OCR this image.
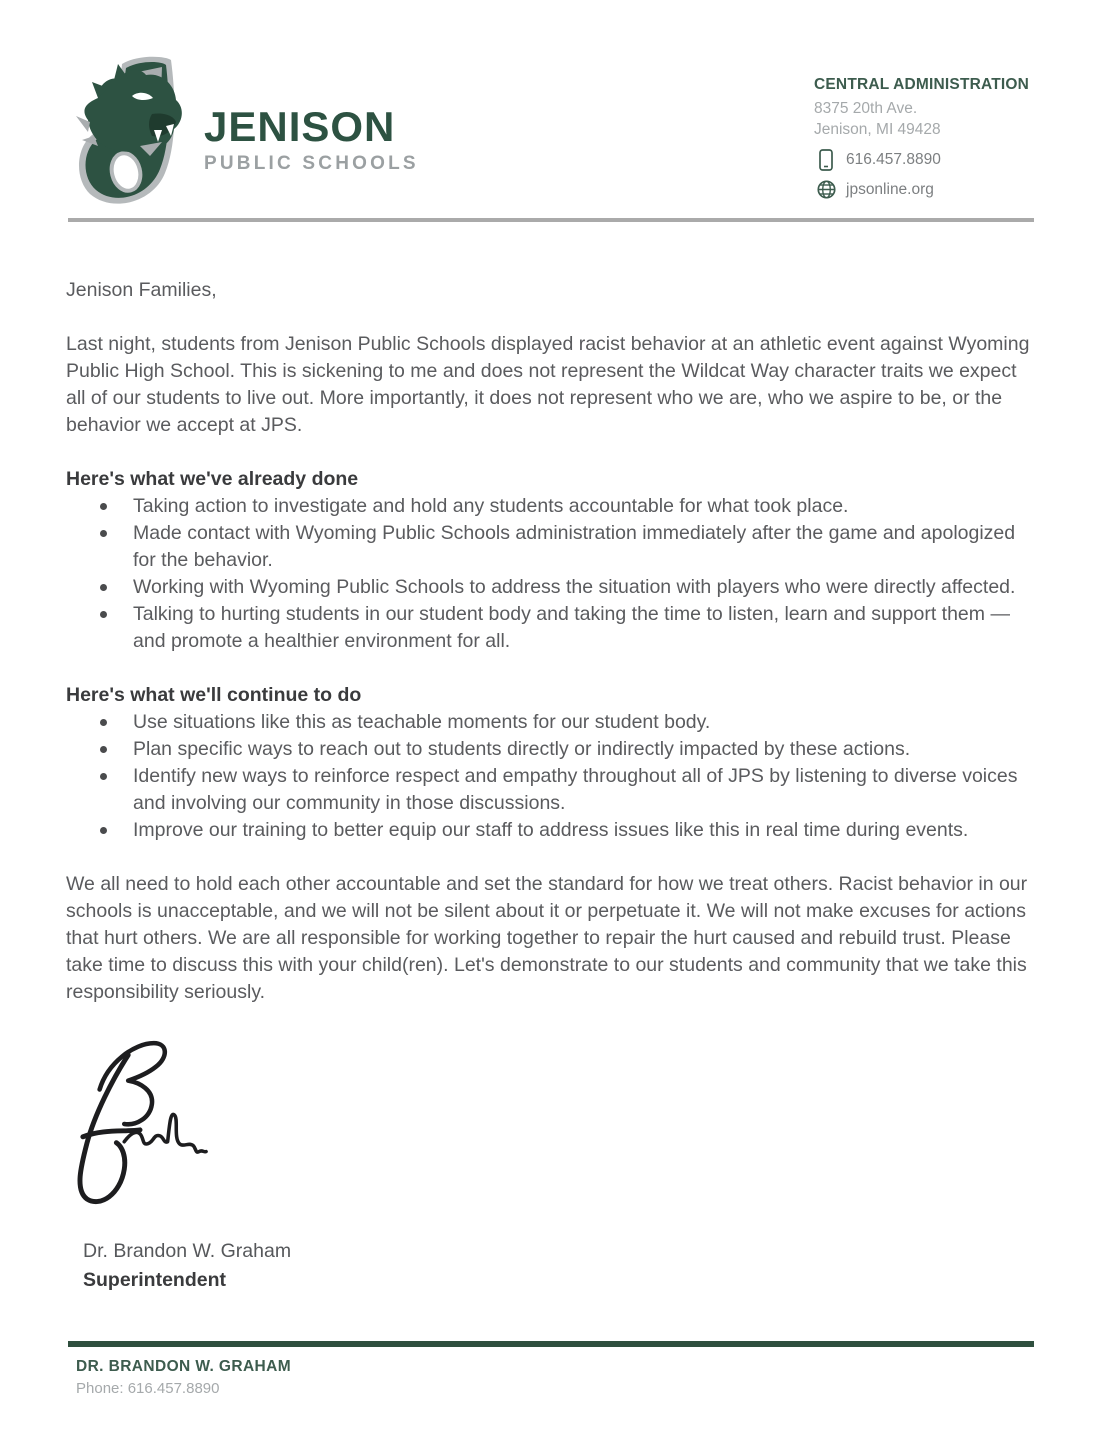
JENISON
PUBLIC SCHOOLS
CENTRAL ADMINISTRATION
8375 20th Ave.
Jenison, MI 49428
616.457.8890
jpsonline.org

Jenison Families,

Last night, students from Jenison Public Schools displayed racist behavior at an athletic event against Wyoming Public High School. This is sickening to me and does not represent the Wildcat Way character traits we expect all of our students to live out. More importantly, it does not represent who we are, who we aspire to be, or the behavior we accept at JPS.

Here's what we've already done
Taking action to investigate and hold any students accountable for what took place.
Made contact with Wyoming Public Schools administration immediately after the game and apologized for the behavior.
Working with Wyoming Public Schools to address the situation with players who were directly affected.
Talking to hurting students in our student body and taking the time to listen, learn and support them — and promote a healthier environment for all.
Here's what we'll continue to do
Use situations like this as teachable moments for our student body.
Plan specific ways to reach out to students directly or indirectly impacted by these actions.
Identify new ways to reinforce respect and empathy throughout all of JPS by listening to diverse voices and involving our community in those discussions.
Improve our training to better equip our staff to address issues like this in real time during events.

We all need to hold each other accountable and set the standard for how we treat others. Racist behavior in our schools is unacceptable, and we will not be silent about it or perpetuate it. We will not make excuses for actions that hurt others. We are all responsible for working together to repair the hurt caused and rebuild trust. Please take time to discuss this with your child(ren). Let's demonstrate to our students and community that we take this responsibility seriously.

Dr. Brandon W. Graham
Superintendent
DR. BRANDON W. GRAHAM
Phone: 616.457.8890
